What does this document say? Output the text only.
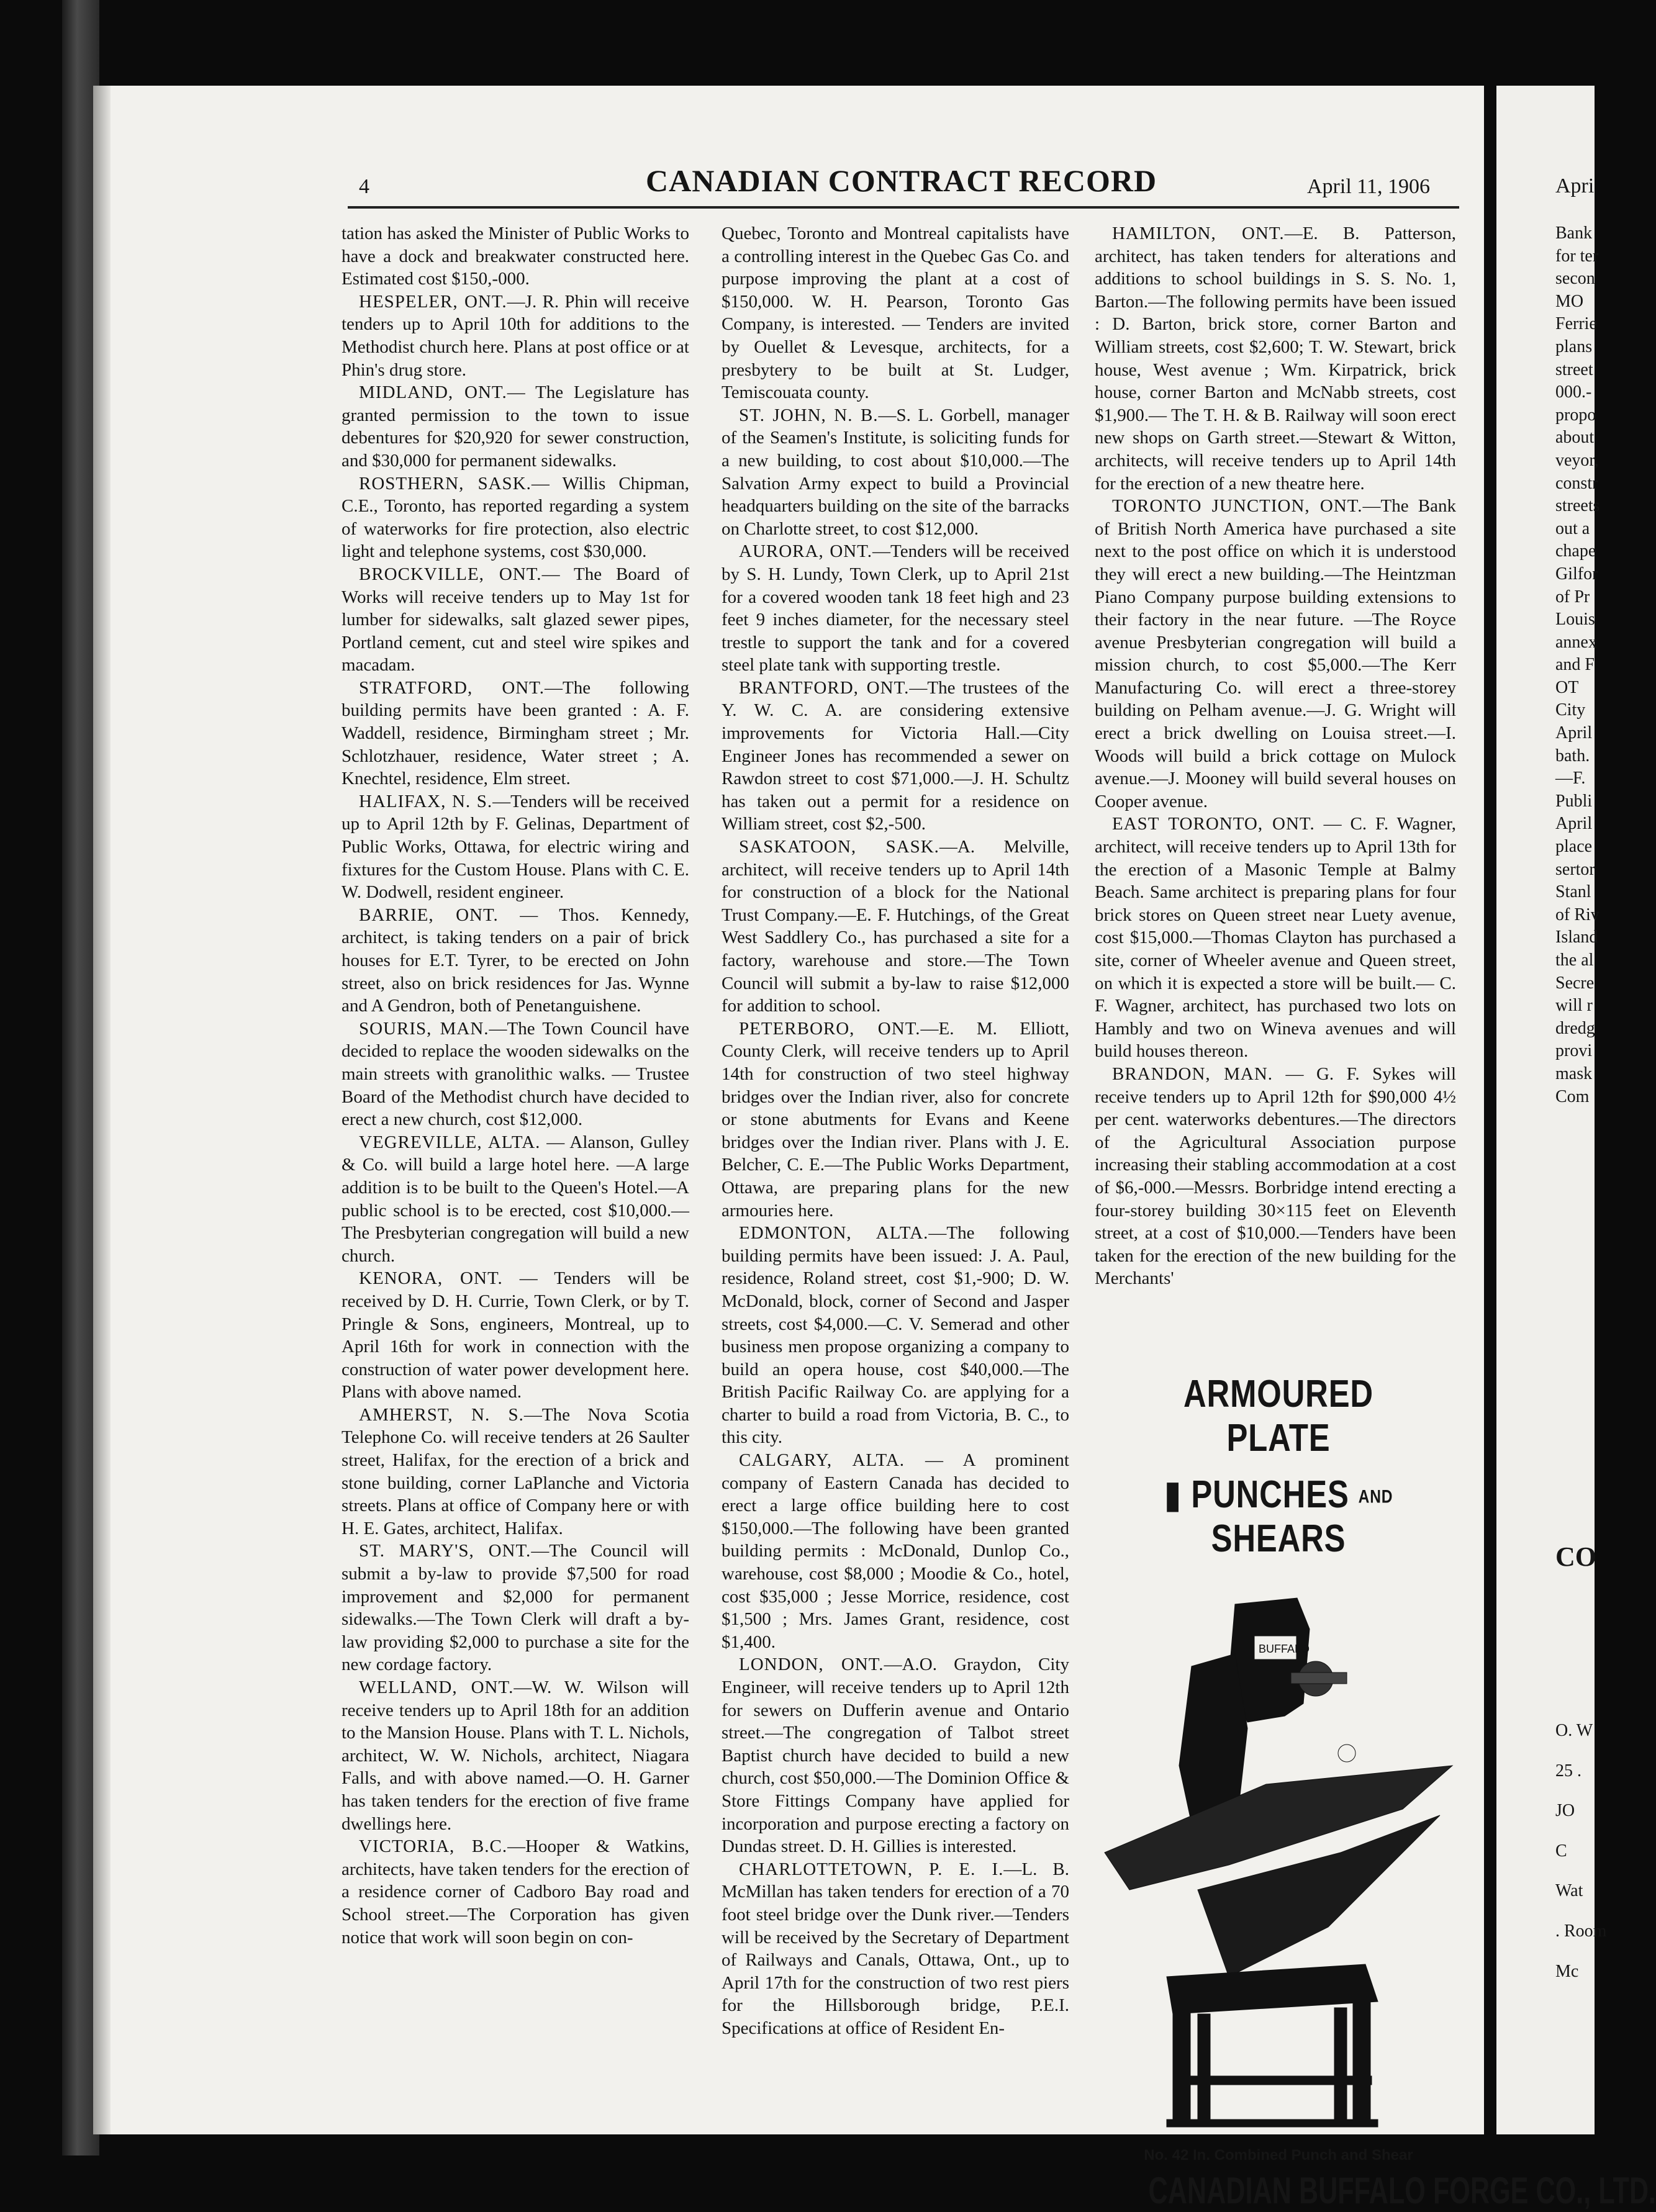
4	CANADIAN CONTRACT RECORD	April 11, 1906

tation has asked the Minister of Public Works to have a dock and breakwater constructed here. Estimated cost $150,-000.

HESPELER, ONT.—J. R. Phin will receive tenders up to April 10th for additions to the Methodist church here. Plans at post office or at Phin's drug store.

MIDLAND, ONT.— The Legislature has granted permission to the town to issue debentures for $20,920 for sewer construction, and $30,000 for permanent sidewalks.

ROSTHERN, SASK.— Willis Chipman, C.E., Toronto, has reported regarding a system of waterworks for fire protection, also electric light and telephone systems, cost $30,000.

BROCKVILLE, ONT.— The Board of Works will receive tenders up to May 1st for lumber for sidewalks, salt glazed sewer pipes, Portland cement, cut and steel wire spikes and macadam.

STRATFORD, ONT.—The following building permits have been granted : A. F. Waddell, residence, Birmingham street ; Mr. Schlotzhauer, residence, Water street ; A. Knechtel, residence, Elm street.

HALIFAX, N. S.—Tenders will be received up to April 12th by F. Gelinas, Department of Public Works, Ottawa, for electric wiring and fixtures for the Custom House. Plans with C. E. W. Dodwell, resident engineer.

BARRIE, ONT. — Thos. Kennedy, architect, is taking tenders on a pair of brick houses for E.T. Tyrer, to be erected on John street, also on brick residences for Jas. Wynne and A Gendron, both of Penetanguishene.

SOURIS, MAN.—The Town Council have decided to replace the wooden sidewalks on the main streets with granolithic walks. — Trustee Board of the Methodist church have decided to erect a new church, cost $12,000.

VEGREVILLE, ALTA. — Alanson, Gulley & Co. will build a large hotel here. —A large addition is to be built to the Queen's Hotel.—A public school is to be erected, cost $10,000.—The Presbyterian congregation will build a new church.

KENORA, ONT. — Tenders will be received by D. H. Currie, Town Clerk, or by T. Pringle & Sons, engineers, Montreal, up to April 16th for work in connection with the construction of water power development here. Plans with above named.

AMHERST, N. S.—The Nova Scotia Telephone Co. will receive tenders at 26 Saulter street, Halifax, for the erection of a brick and stone building, corner LaPlanche and Victoria streets. Plans at office of Company here or with H. E. Gates, architect, Halifax.

ST. MARY'S, ONT.—The Council will submit a by-law to provide $7,500 for road improvement and $2,000 for permanent sidewalks.—The Town Clerk will draft a by-law providing $2,000 to purchase a site for the new cordage factory.

WELLAND, ONT.—W. W. Wilson will receive tenders up to April 18th for an addition to the Mansion House. Plans with T. L. Nichols, architect, W. W. Nichols, architect, Niagara Falls, and with above named.—O. H. Garner has taken tenders for the erection of five frame dwellings here.

VICTORIA, B.C.—Hooper & Watkins, architects, have taken tenders for the erection of a residence corner of Cadboro Bay road and School street.—The Corporation has given notice that work will soon begin on con-

Quebec, Toronto and Montreal capitalists have a controlling interest in the Quebec Gas Co. and purpose improving the plant at a cost of $150,000. W. H. Pearson, Toronto Gas Company, is interested. — Tenders are invited by Ouellet & Levesque, architects, for a presbytery to be built at St. Ludger, Temiscouata county.

ST. JOHN, N. B.—S. L. Gorbell, manager of the Seamen's Institute, is soliciting funds for a new building, to cost about $10,000.—The Salvation Army expect to build a Provincial headquarters building on the site of the barracks on Charlotte street, to cost $12,000.

AURORA, ONT.—Tenders will be received by S. H. Lundy, Town Clerk, up to April 21st for a covered wooden tank 18 feet high and 23 feet 9 inches diameter, for the necessary steel trestle to support the tank and for a covered steel plate tank with supporting trestle.

BRANTFORD, ONT.—The trustees of the Y. W. C. A. are considering extensive improvements for Victoria Hall.—City Engineer Jones has recommended a sewer on Rawdon street to cost $71,000.—J. H. Schultz has taken out a permit for a residence on William street, cost $2,-500.

SASKATOON, SASK.—A. Melville, architect, will receive tenders up to April 14th for construction of a block for the National Trust Company.—E. F. Hutchings, of the Great West Saddlery Co., has purchased a site for a factory, warehouse and store.—The Town Council will submit a by-law to raise $12,000 for addition to school.

PETERBORO, ONT.—E. M. Elliott, County Clerk, will receive tenders up to April 14th for construction of two steel highway bridges over the Indian river, also for concrete or stone abutments for Evans and Keene bridges over the Indian river. Plans with J. E. Belcher, C. E.—The Public Works Department, Ottawa, are preparing plans for the new armouries here.

EDMONTON, ALTA.—The following building permits have been issued: J. A. Paul, residence, Roland street, cost $1,-900; D. W. McDonald, block, corner of Second and Jasper streets, cost $4,000.—C. V. Semerad and other business men propose organizing a company to build an opera house, cost $40,000.—The British Pacific Railway Co. are applying for a charter to build a road from Victoria, B. C., to this city.

CALGARY, ALTA. — A prominent company of Eastern Canada has decided to erect a large office building here to cost $150,000.—The following have been granted building permits : McDonald, Dunlop Co., warehouse, cost $8,000 ; Moodie & Co., hotel, cost $35,000 ; Jesse Morrice, residence, cost $1,500 ; Mrs. James Grant, residence, cost $1,400.

LONDON, ONT.—A.O. Graydon, City Engineer, will receive tenders up to April 12th for sewers on Dufferin avenue and Ontario street.—The congregation of Talbot street Baptist church have decided to build a new church, cost $50,000.—The Dominion Office & Store Fittings Company have applied for incorporation and purpose erecting a factory on Dundas street. D. H. Gillies is interested.

CHARLOTTETOWN, P. E. I.—L. B. McMillan has taken tenders for erection of a 70 foot steel bridge over the Dunk river.—Tenders will be received by the Secretary of Department of Railways and Canals, Ottawa, Ont., up to April 17th for the construction of two rest piers for the Hillsborough bridge, P.E.I. Specifications at office of Resident En-

HAMILTON, ONT.—E. B. Patterson, architect, has taken tenders for alterations and additions to school buildings in S. S. No. 1, Barton.—The following permits have been issued : D. Barton, brick store, corner Barton and William streets, cost $2,600; T. W. Stewart, brick house, West avenue ; Wm. Kirpatrick, brick house, corner Barton and McNabb streets, cost $1,900.— The T. H. & B. Railway will soon erect new shops on Garth street.—Stewart & Witton, architects, will receive tenders up to April 14th for the erection of a new theatre here.

TORONTO JUNCTION, ONT.—The Bank of British North America have purchased a site next to the post office on which it is understood they will erect a new building.—The Heintzman Piano Company purpose building extensions to their factory in the near future. —The Royce avenue Presbyterian congregation will build a mission church, to cost $5,000.—The Kerr Manufacturing Co. will erect a three-storey building on Pelham avenue.—J. G. Wright will erect a brick dwelling on Louisa street.—I. Woods will build a brick cottage on Mulock avenue.—J. Mooney will build several houses on Cooper avenue.

EAST TORONTO, ONT. — C. F. Wagner, architect, will receive tenders up to April 13th for the erection of a Masonic Temple at Balmy Beach. Same architect is preparing plans for four brick stores on Queen street near Luety avenue, cost $15,000.—Thomas Clayton has purchased a site, corner of Wheeler avenue and Queen street, on which it is expected a store will be built.— C. F. Wagner, architect, has purchased two lots on Hambly and two on Wineva avenues and will build houses thereon.

BRANDON, MAN. — G. F. Sykes will receive tenders up to April 12th for $90,000 4½ per cent. waterworks debentures.—The directors of the Agricultural Association purpose increasing their stabling accommodation at a cost of $6,-000.—Messrs. Borbridge intend erecting a four-storey building 30×115 feet on Eleventh street, at a cost of $10,000.—Tenders have been taken for the erection of the new building for the Merchants'

ARMOURED PLATE
▮ PUNCHES AND SHEARS
BUFFALO
No. 42 In. Combined Punch and Shear
CANADIAN BUFFALO FORGE CO., LTD.
Apri
Bank
for ter
secon
MO
Ferrie
plans
street
000.-
propo
about
veyor,
constr
streets
out a
chape
Gilfor
of Pr
Louis
annex
and F
OT
City
April
bath.
—F.
Publi
April
place
sertor
Stanl
of Riv
Island
the al
Secre
will r
dredg
provi
mask
Com
CO
O. W
25 .
JO
C
Wat
. Room
Mc
